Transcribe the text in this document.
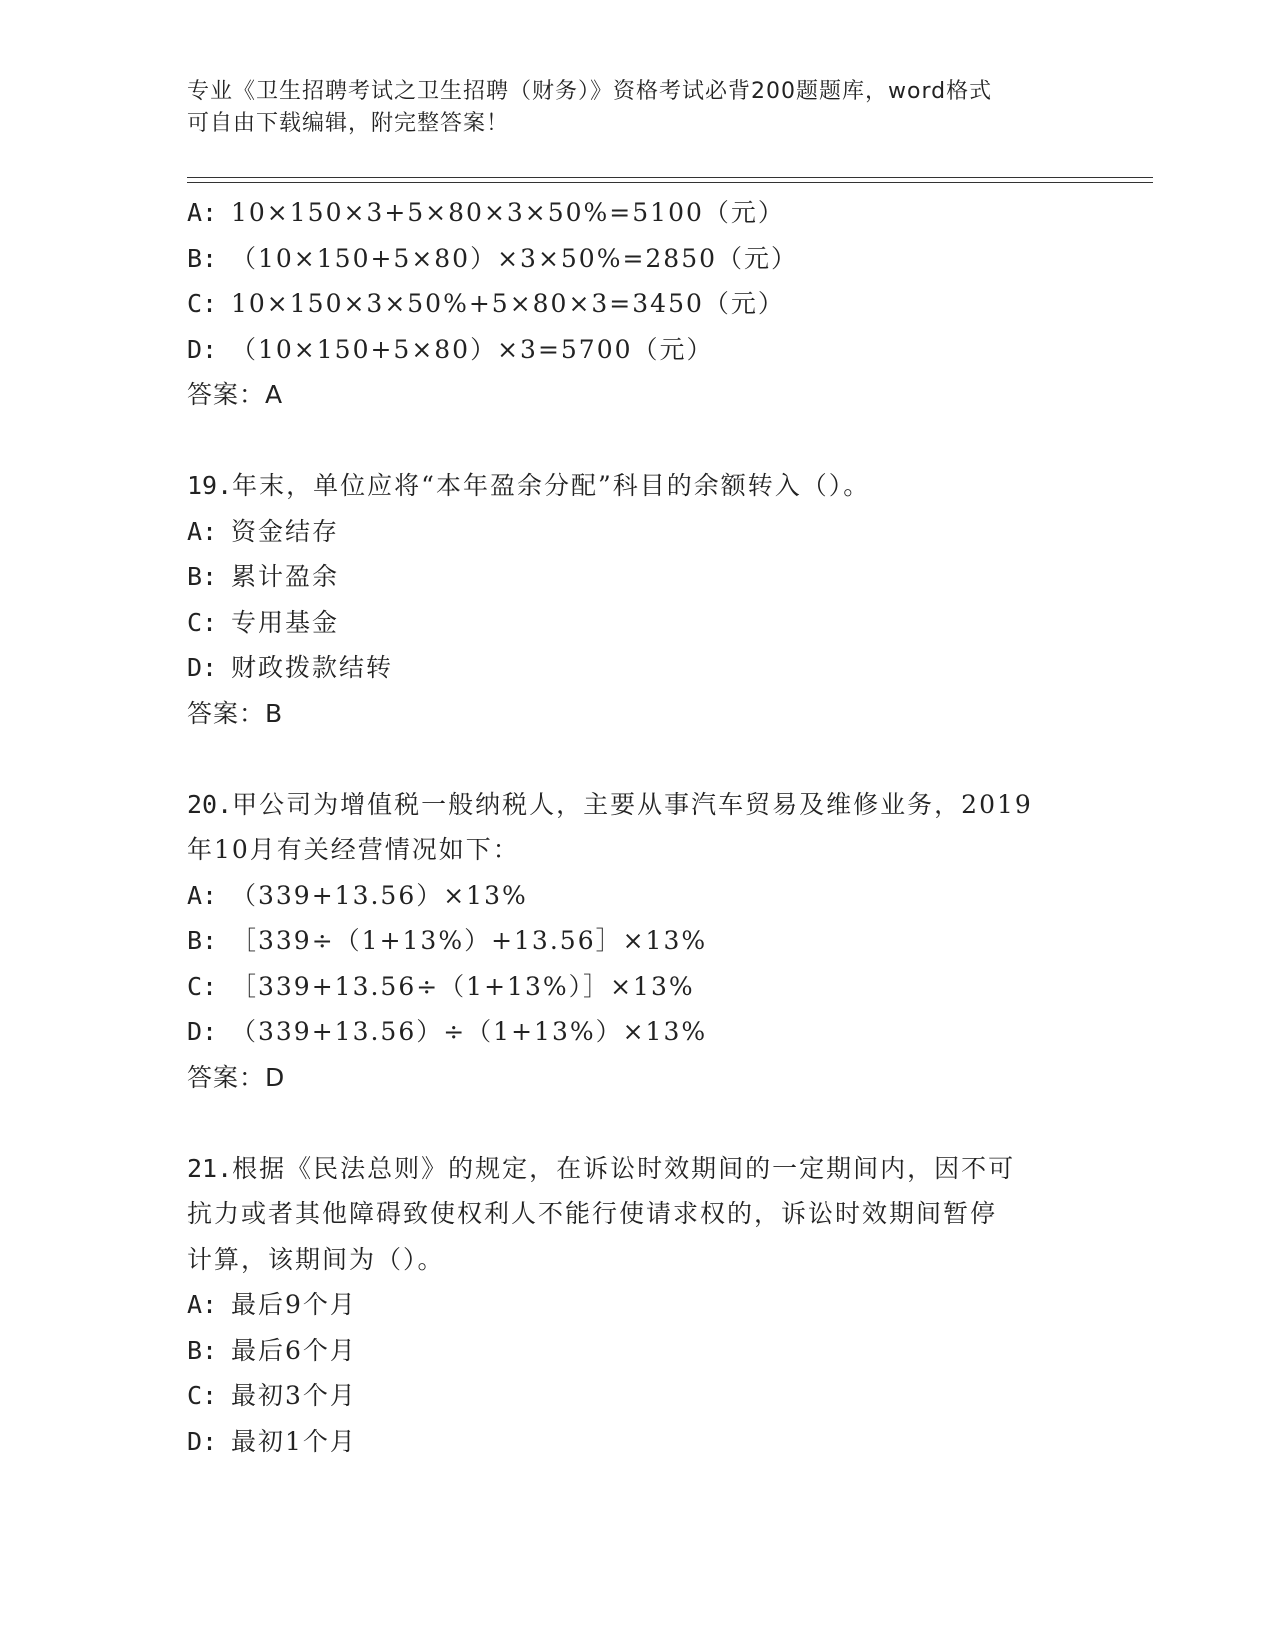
专业《卫生招聘考试之卫生招聘（财务）》资格考试必背200题题库，word格式
可自由下载编辑，附完整答案！
A: 10×150×3+5×80×3×50%=5100（元）
B: （10×150+5×80）×3×50%=2850（元）
C: 10×150×3×50%+5×80×3=3450（元）
D: （10×150+5×80）×3=5700（元）
答案：A
19.年末，单位应将“本年盈余分配”科目的余额转入（）。
A: 资金结存
B: 累计盈余
C: 专用基金
D: 财政拨款结转
答案：B
20.甲公司为增值税一般纳税人，主要从事汽车贸易及维修业务，2019
年10月有关经营情况如下：
A: （339+13.56）×13%
B: ［339÷（1+13%）+13.56］×13%
C: ［339+13.56÷（1+13%）］×13%
D: （339+13.56）÷（1+13%）×13%
答案：D
21.根据《民法总则》的规定，在诉讼时效期间的一定期间内，因不可
抗力或者其他障碍致使权利人不能行使请求权的，诉讼时效期间暂停
计算，该期间为（）。
A: 最后9个月
B: 最后6个月
C: 最初3个月
D: 最初1个月
